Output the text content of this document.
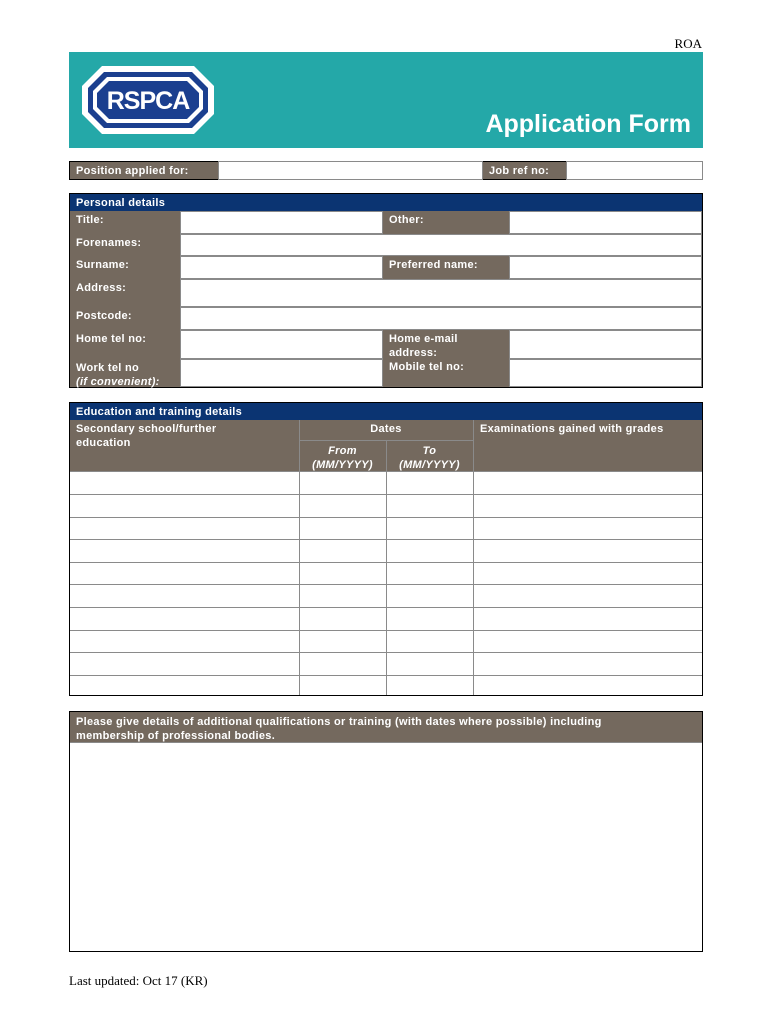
ROA
RSPCA
Application Form
Position applied for:	Job ref no:
Personal details
Title:
Forenames:
Surname:
Address:
Postcode:
Home tel no:
Work tel no
(if convenient):
Other:
Preferred name:
Home e-mail
address:
Mobile tel no:
Education and training details
Secondary school/further
education
Dates
From
(MM/YYYY)
To
(MM/YYYY)
Examinations gained with grades
Please give details of additional qualifications or training (with dates where possible) including
membership of professional bodies.
Last updated: Oct 17 (KR)
